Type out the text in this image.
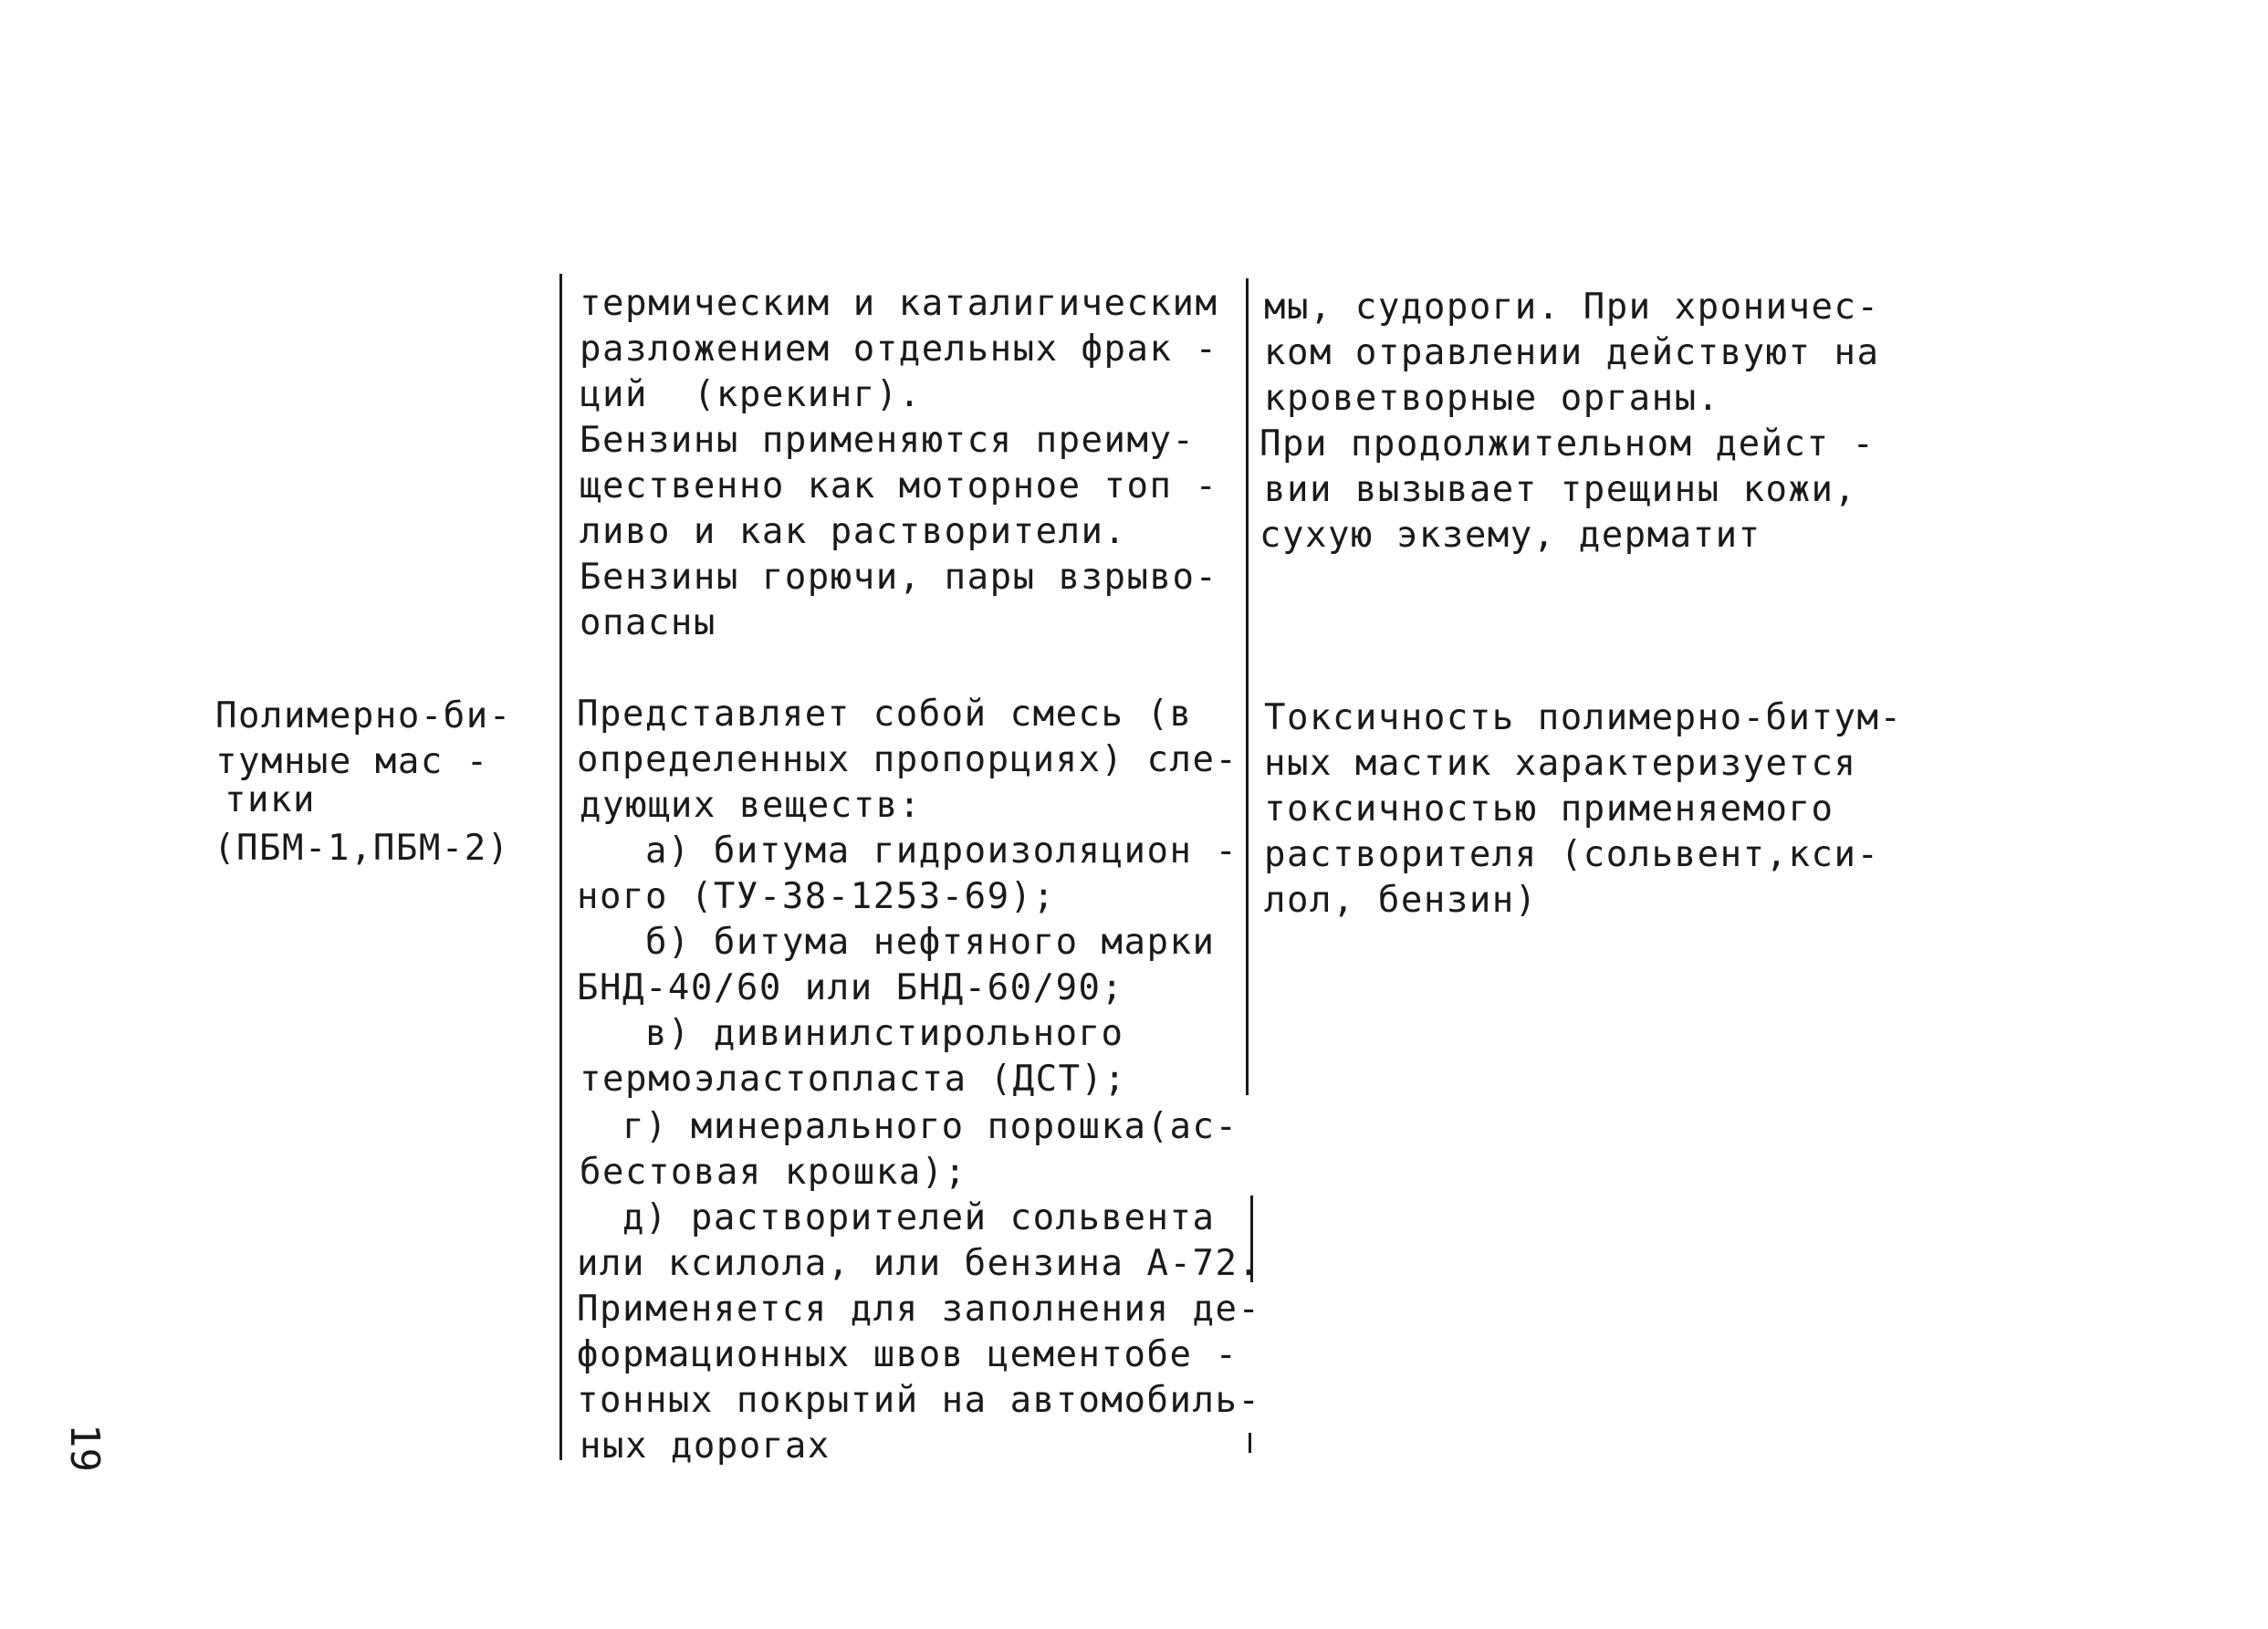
19
термическим и каталигическим
разложением отдельных фрак -
ций  (крекинг).
Бензины применяются преиму-
щественно как моторное топ -
ливо и как растворители.
Бензины горючи, пары взрыво-
опасны
мы, судороги. При хроничес-
ком отравлении действуют на
кроветворные органы.
При продолжительном дейст -
вии вызывает трещины кожи,
сухую экзему, дерматит
Полимерно-би-
тумные мас -
тики
(ПБМ-1,ПБМ-2)
Представляет собой смесь (в
определенных пропорциях) сле-
дующих веществ:
а) битума гидроизоляцион -
ного (ТУ-38-1253-69);
б) битума нефтяного марки
БНД-40/60 или БНД-60/90;
в) дивинилстирольного
термоэластопласта (ДСТ);
г) минерального порошка(ас-
бестовая крошка);
д) растворителей сольвента
или ксилола, или бензина А-72.
Применяется для заполнения де-
формационных швов цементобе -
тонных покрытий на автомобиль-
ных дорогах
Токсичность полимерно-битум-
ных мастик характеризуется
токсичностью применяемого
растворителя (сольвент,кси-
лол, бензин)
